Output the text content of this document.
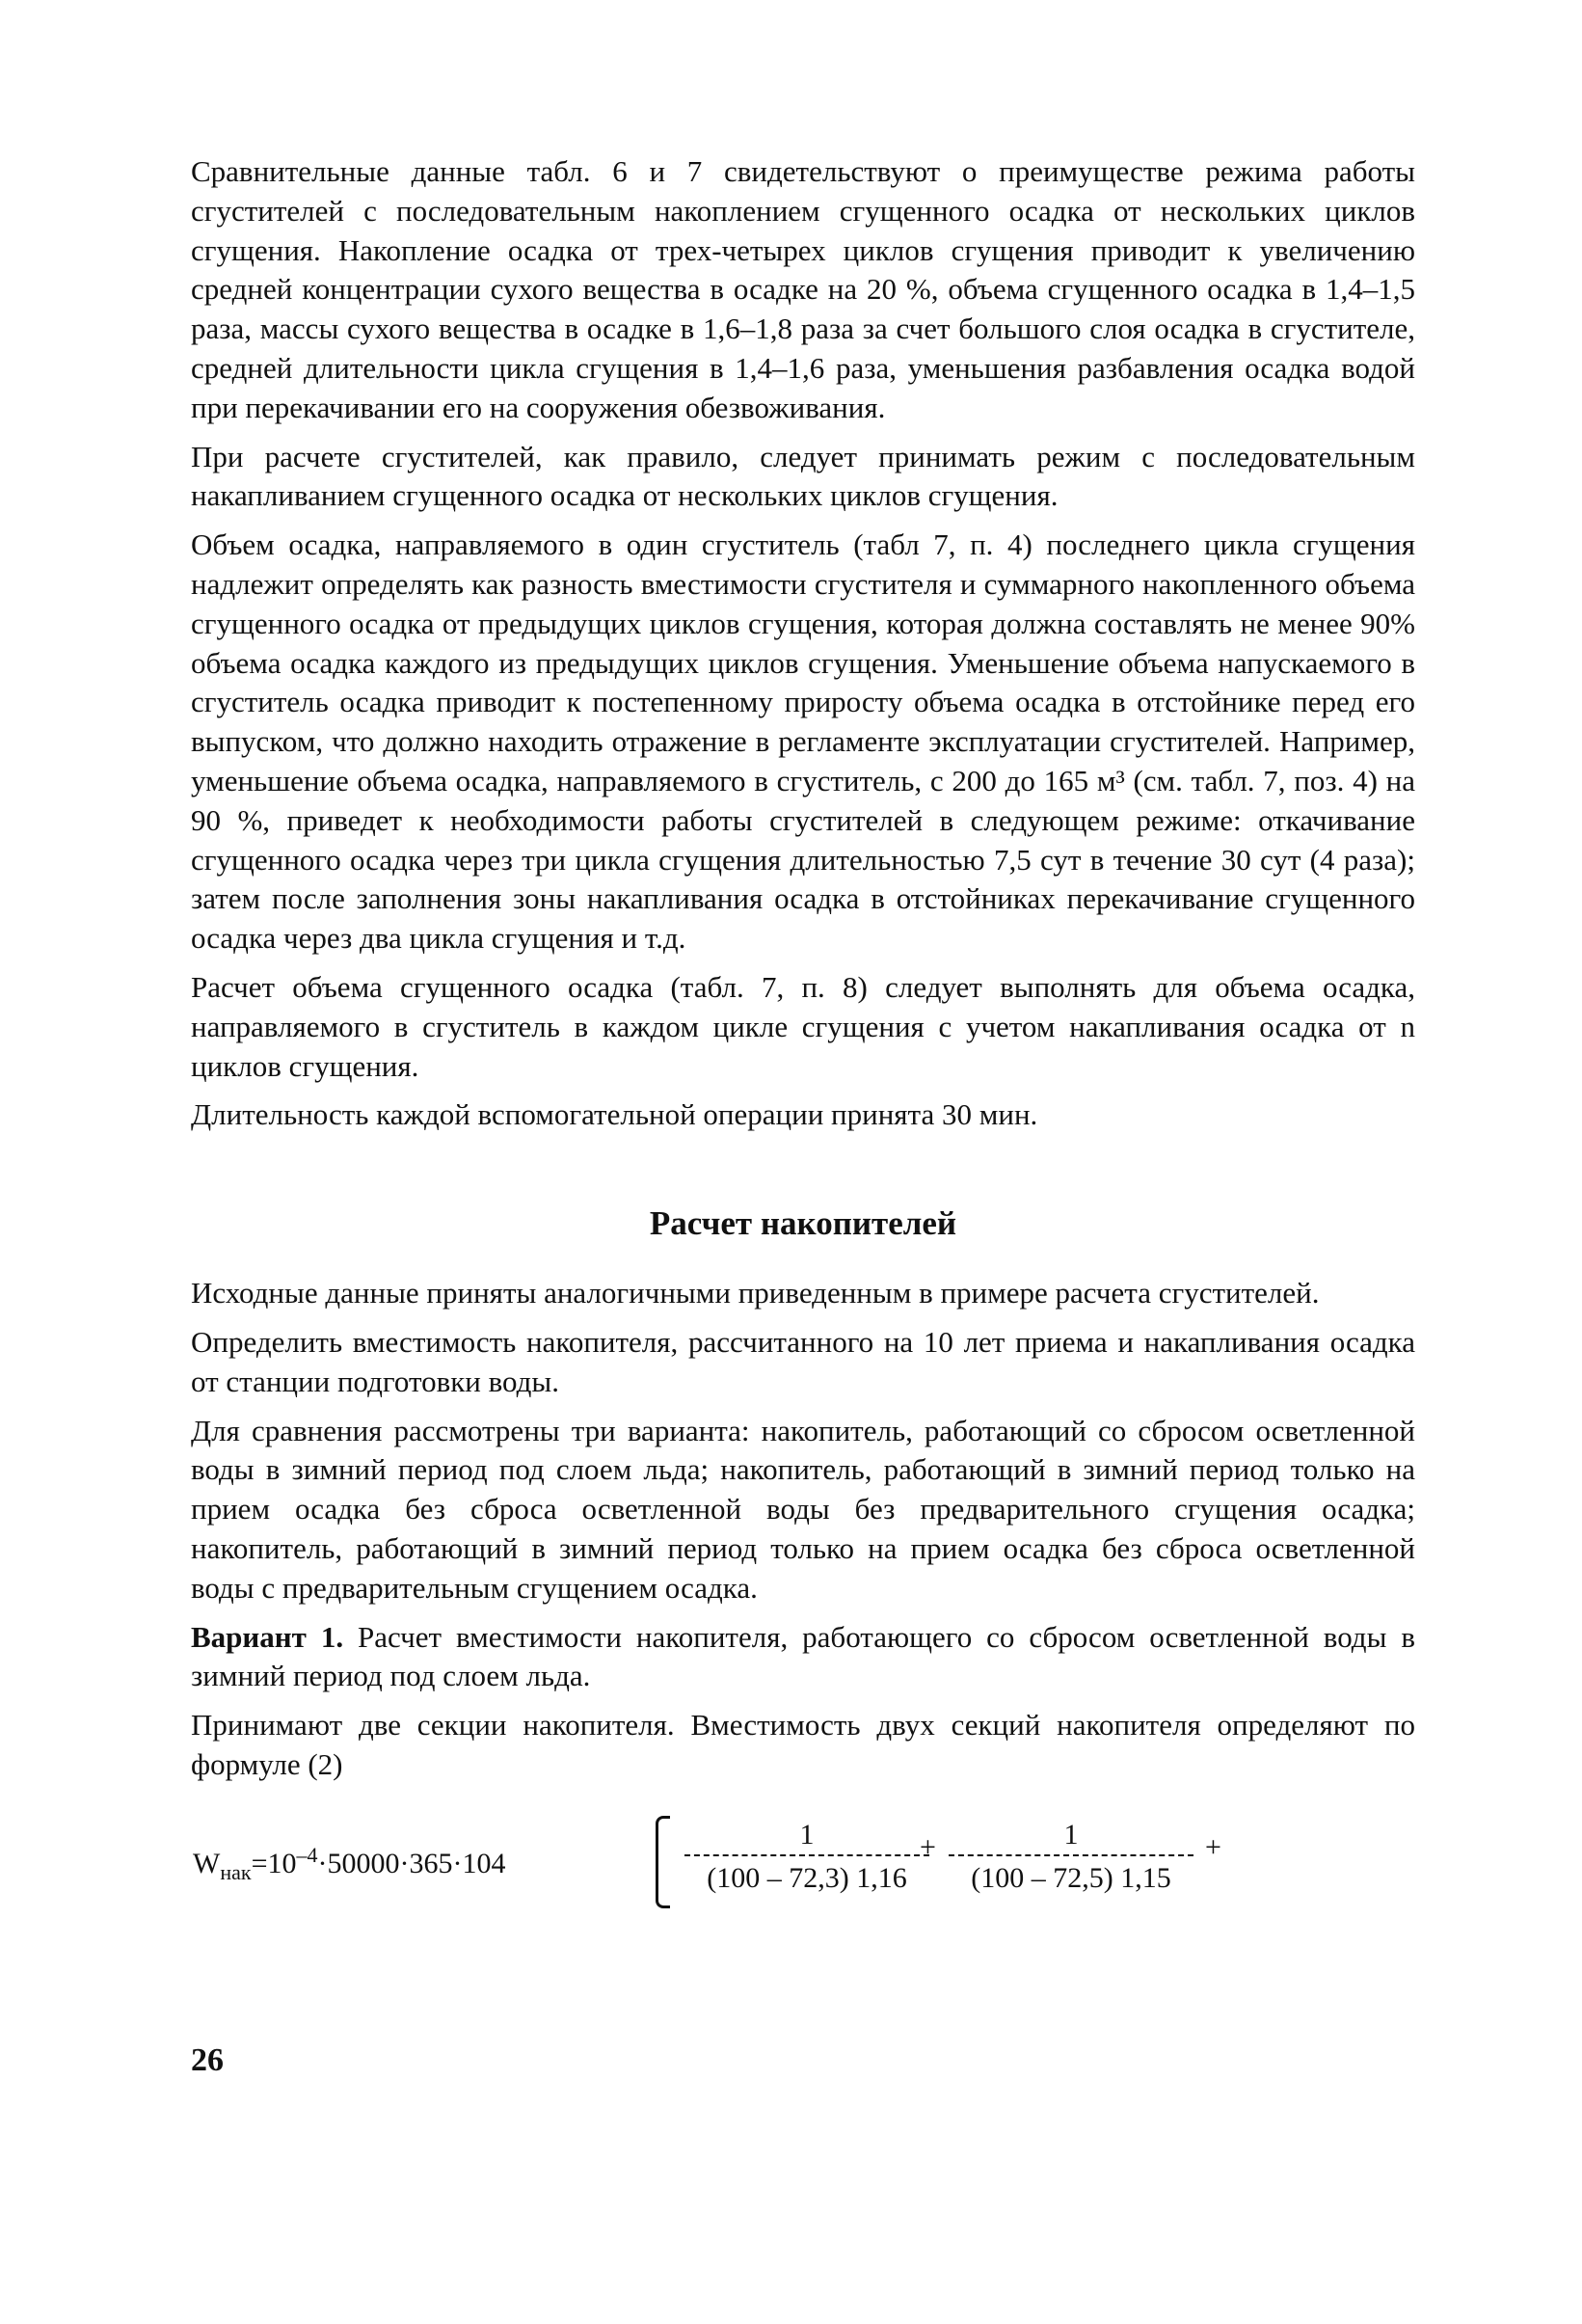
Сравнительные данные табл. 6 и 7 свидетельствуют о преимуществе режима работы сгустителей с последовательным накоплением сгущенного осадка от нескольких циклов сгущения. Накопление осадка от трех-четырех циклов сгущения приводит к увеличению средней концентрации сухого вещества в осадке на 20 %, объема сгущенного осадка в 1,4–1,5 раза, массы сухого вещества в осадке в 1,6–1,8 раза за счет большого слоя осадка в сгустителе, средней длительности цикла сгущения в 1,4–1,6 раза, уменьшения разбавления осадка водой при перекачивании его на сооружения обезвоживания.

При расчете сгустителей, как правило, следует принимать режим с последовательным накапливанием сгущенного осадка от нескольких циклов сгущения.

Объем осадка, направляемого в один сгуститель (табл 7, п. 4) последнего цикла сгущения надлежит определять как разность вместимости сгустителя и суммарного накопленного объема сгущенного осадка от предыдущих циклов сгущения, которая должна составлять не менее 90% объема осадка каждого из предыдущих циклов сгущения. Уменьшение объема напускаемого в сгуститель осадка приводит к постепенному приросту объема осадка в отстойнике перед его выпуском, что должно находить отражение в регламенте эксплуатации сгустителей. Например, уменьшение объема осадка, направляемого в сгуститель, с 200 до 165 м³ (см. табл. 7, поз. 4) на 90 %, приведет к необходимости работы сгустителей в следующем режиме: откачивание сгущенного осадка через три цикла сгущения длительностью 7,5 сут в течение 30 сут (4 раза); затем после заполнения зоны накапливания осадка в отстойниках перекачивание сгущенного осадка через два цикла сгущения и т.д.

Расчет объема сгущенного осадка (табл. 7, п. 8) следует выполнять для объема осадка, направляемого в сгуститель в каждом цикле сгущения с учетом накапливания осадка от n циклов сгущения.

Длительность каждой вспомогательной операции принята 30 мин.

Расчет накопителей

Исходные данные приняты аналогичными приведенным в примере расчета сгустителей.

Определить вместимость накопителя, рассчитанного на 10 лет приема и накапливания осадка от станции подготовки воды.

Для сравнения рассмотрены три варианта: накопитель, работающий со сбросом осветленной воды в зимний период под слоем льда; накопитель, работающий в зимний период только на прием осадка без сброса осветленной воды без предварительного сгущения осадка; накопитель, работающий в зимний период только на прием осадка без сброса осветленной воды с предварительным сгущением осадка.

Вариант 1. Расчет вместимости накопителя, работающего со сбросом осветленной воды в зимний период под слоем льда.

Принимают две секции накопителя. Вместимость двух секций накопителя определяют по формуле (2)

$W_{нак}=10^{-4}\cdot 50000\cdot 365\cdot 104$
1
(100 – 72,3) 1,16
+	1
(100 – 72,5) 1,15
+
26
